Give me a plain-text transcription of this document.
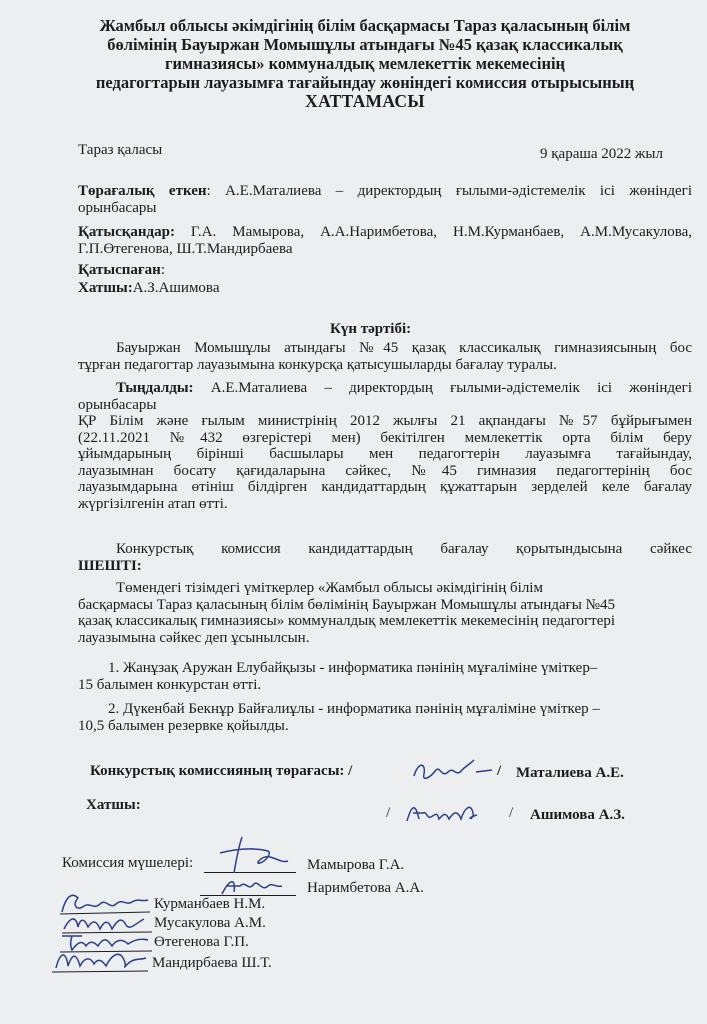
Жамбыл облысы әкімдігінің білім басқармасы Тараз қаласының білім
бөлімінің Бауыржан Момышұлы атындағы №45 қазақ классикалық
гимназиясы» коммуналдық мемлекеттік мекемесінің
педагогтарын лауазымға тағайындау жөніндегі комиссия отырысының
ХАТТАМАСЫ
Тараз қаласы	9 қараша 2022 жыл
Төрағалық еткен: А.Е.Маталиева – директордың ғылыми-әдістемелік ісі жөніндегі
орынбасары
Қатысқандар: Г.А. Мамырова, А.А.Наримбетова, Н.М.Курманбаев, А.М.Мусакулова,
Г.П.Өтегенова, Ш.Т.Мандирбаева
Қатыспаған:
Хатшы:А.З.Ашимова
Күн тәртібі:
Бауыржан Момышұлы атындағы №45 қазақ классикалық гимназиясының бос
тұрған педагогтар лауазымына конкурсқа қатысушыларды бағалау туралы.
Тыңдалды: А.Е.Маталиева – директордың ғылыми-әдістемелік ісі жөніндегі
орынбасары
ҚР Білім және ғылым министрінің 2012 жылғы 21 ақпандағы №57 бұйрығымен
(22.11.2021 №432 өзгерістері мен) бекітілген мемлекеттік орта білім беру
ұйымдарының бірінші басшылары мен педагогтерін лауазымға тағайындау,
лауазымнан босату қағидаларына сәйкес, №45 гимназия педагогтерінің бос
лауазымдарына өтініш білдірген кандидаттардың құжаттарын зерделей келе бағалау
жүргізілгенін атап өтті.
Конкурстық комиссия кандидаттардың бағалау қорытындысына сәйкес
ШЕШТІ:
Төмендегі тізімдегі үміткерлер «Жамбыл облысы әкімдігінің білім
басқармасы Тараз қаласының білім бөлімінің Бауыржан Момышұлы атындағы №45
қазақ классикалық гимназиясы» коммуналдық мемлекеттік мекемесінің педагогтері
лауазымына сәйкес деп ұсынылсын.
1. Жанұзақ Аружан Елубайқызы - информатика пәнінің мұғаліміне үміткер–
15 балымен конкурстан өтті.
2. Дүкенбай Бекнұр Байғалиұлы - информатика пәнінің мұғаліміне үміткер –
10,5 балымен резервке қойылды.
Конкурстық комиссияның төрағасы: /	/ Маталиева А.Е.
Хатшы:	/	/ Ашимова А.З.
Комиссия мүшелері:	Мамырова Г.А.
Наримбетова А.А.
Курманбаев Н.М.
Мусакулова А.М.
Өтегенова Г.П.
Мандирбаева Ш.Т.
